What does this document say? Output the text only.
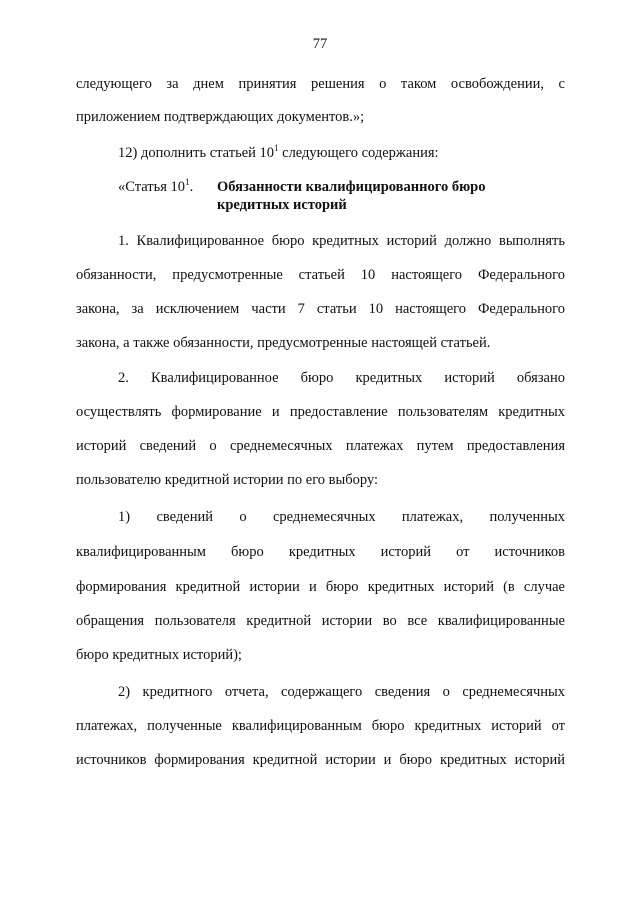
77
следующего за днем принятия решения о таком освобождении, с
приложением подтверждающих документов.»;
12) дополнить статьей $10^1$ следующего содержания:
«Статья $10^1$. Обязанности квалифицированного бюро
кредитных историй
1. Квалифицированное бюро кредитных историй должно выполнять
обязанности, предусмотренные статьей 10 настоящего Федерального
закона, за исключением части 7 статьи 10 настоящего Федерального
закона, а также обязанности, предусмотренные настоящей статьей.
2. Квалифицированное бюро кредитных историй обязано
осуществлять формирование и предоставление пользователям кредитных
историй сведений о среднемесячных платежах путем предоставления
пользователю кредитной истории по его выбору:
1) сведений о среднемесячных платежах, полученных
квалифицированным бюро кредитных историй от источников
формирования кредитной истории и бюро кредитных историй (в случае
обращения пользователя кредитной истории во все квалифицированные
бюро кредитных историй);
2) кредитного отчета, содержащего сведения о среднемесячных
платежах, полученные квалифицированным бюро кредитных историй от
источников формирования кредитной истории и бюро кредитных историй
